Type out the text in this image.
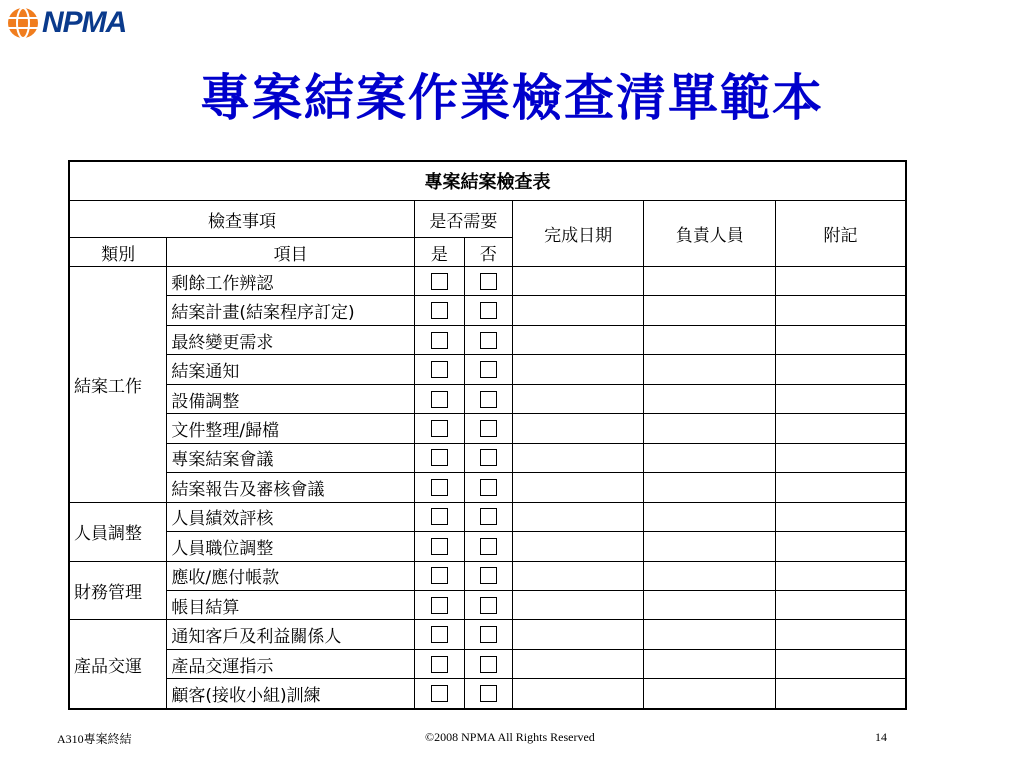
NPMA
專案結案作業檢查清單範本
專案結案檢查表						
檢查事項		是否需要		完成日期	負責人員	附記
類別	項目	是	否			
結案工作	剩餘工作辨認					
	結案計畫(結案程序訂定)					
	最終變更需求					
	結案通知					
	設備調整					
	文件整理/歸檔					
	專案結案會議					
	結案報告及審核會議					
人員調整	人員績效評核					
	人員職位調整					
財務管理	應收/應付帳款					
	帳目結算					
產品交運	通知客戶及利益關係人					
	產品交運指示					
	顧客(接收小組)訓練					
A310專案終結	©2008 NPMA All Rights Reserved	14
